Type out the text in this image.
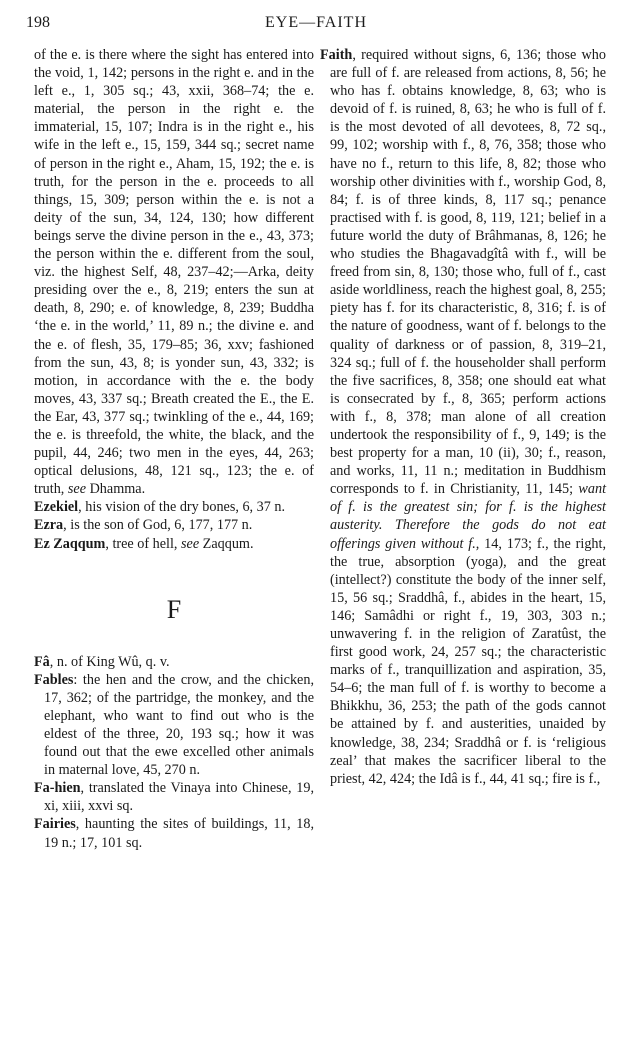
198	EYE—FAITH

of the e. is there where the sight has entered into the void, 1, 142; persons in the right e. and in the left e., 1, 305 sq.; 43, xxii, 368–74; the e. material, the person in the right e. the immaterial, 15, 107; Indra is in the right e., his wife in the left e., 15, 159, 344 sq.; secret name of person in the right e., Aham, 15, 192; the e. is truth, for the person in the e. proceeds to all things, 15, 309; person within the e. is not a deity of the sun, 34, 124, 130; how different beings serve the divine person in the e., 43, 373; the person within the e. different from the soul, viz. the highest Self, 48, 237–42;—Arka, deity presiding over the e., 8, 219; enters the sun at death, 8, 290; e. of knowledge, 8, 239; Buddha ‘the e. in the world,’ 11, 89 n.; the divine e. and the e. of flesh, 35, 179–85; 36, xxv; fashioned from the sun, 43, 8; is yonder sun, 43, 332; is motion, in accordance with the e. the body moves, 43, 337 sq.; Breath created the E., the E. the Ear, 43, 377 sq.; twinkling of the e., 44, 169; the e. is threefold, the white, the black, and the pupil, 44, 246; two men in the eyes, 44, 263; optical delusions, 48, 121 sq., 123; the e. of truth, see Dhamma.

Ezekiel, his vision of the dry bones, 6, 37 n.

Ezra, is the son of God, 6, 177, 177 n.

Ez Zaqqum, tree of hell, see Zaqqum.

F

Fâ, n. of King Wû, q. v.

Fables: the hen and the crow, and the chicken, 17, 362; of the partridge, the monkey, and the elephant, who want to find out who is the eldest of the three, 20, 193 sq.; how it was found out that the ewe excelled other animals in maternal love, 45, 270 n.

Fa-hien, translated the Vinaya into Chinese, 19, xi, xiii, xxvi sq.

Fairies, haunting the sites of buildings, 11, 18, 19 n.; 17, 101 sq.

Faith, required without signs, 6, 136; those who are full of f. are released from actions, 8, 56; he who has f. obtains knowledge, 8, 63; who is devoid of f. is ruined, 8, 63; he who is full of f. is the most devoted of all devotees, 8, 72 sq., 99, 102; worship with f., 8, 76, 358; those who have no f., return to this life, 8, 82; those who worship other divinities with f., worship God, 8, 84; f. is of three kinds, 8, 117 sq.; penance practised with f. is good, 8, 119, 121; belief in a future world the duty of Brâhmanas, 8, 126; he who studies the Bhagavadgîtâ with f., will be freed from sin, 8, 130; those who, full of f., cast aside worldliness, reach the highest goal, 8, 255; piety has f. for its characteristic, 8, 316; f. is of the nature of goodness, want of f. belongs to the quality of darkness or of passion, 8, 319–21, 324 sq.; full of f. the householder shall perform the five sacrifices, 8, 358; one should eat what is consecrated by f., 8, 365; perform actions with f., 8, 378; man alone of all creation undertook the responsibility of f., 9, 149; is the best property for a man, 10 (ii), 30; f., reason, and works, 11, 11 n.; meditation in Buddhism corresponds to f. in Christianity, 11, 145; want of f. is the greatest sin; for f. is the highest austerity. Therefore the gods do not eat offerings given without f., 14, 173; f., the right, the true, absorption (yoga), and the great (intellect?) constitute the body of the inner self, 15, 56 sq.; Sraddhâ, f., abides in the heart, 15, 146; Samâdhi or right f., 19, 303, 303 n.; unwavering f. in the religion of Zaratûst, the first good work, 24, 257 sq.; the characteristic marks of f., tranquillization and aspiration, 35, 54–6; the man full of f. is worthy to become a Bhikkhu, 36, 253; the path of the gods cannot be attained by f. and austerities, unaided by knowledge, 38, 234; Sraddhâ or f. is ‘religious zeal’ that makes the sacrificer liberal to the priest, 42, 424; the Idâ is f., 44, 41 sq.; fire is f.,
